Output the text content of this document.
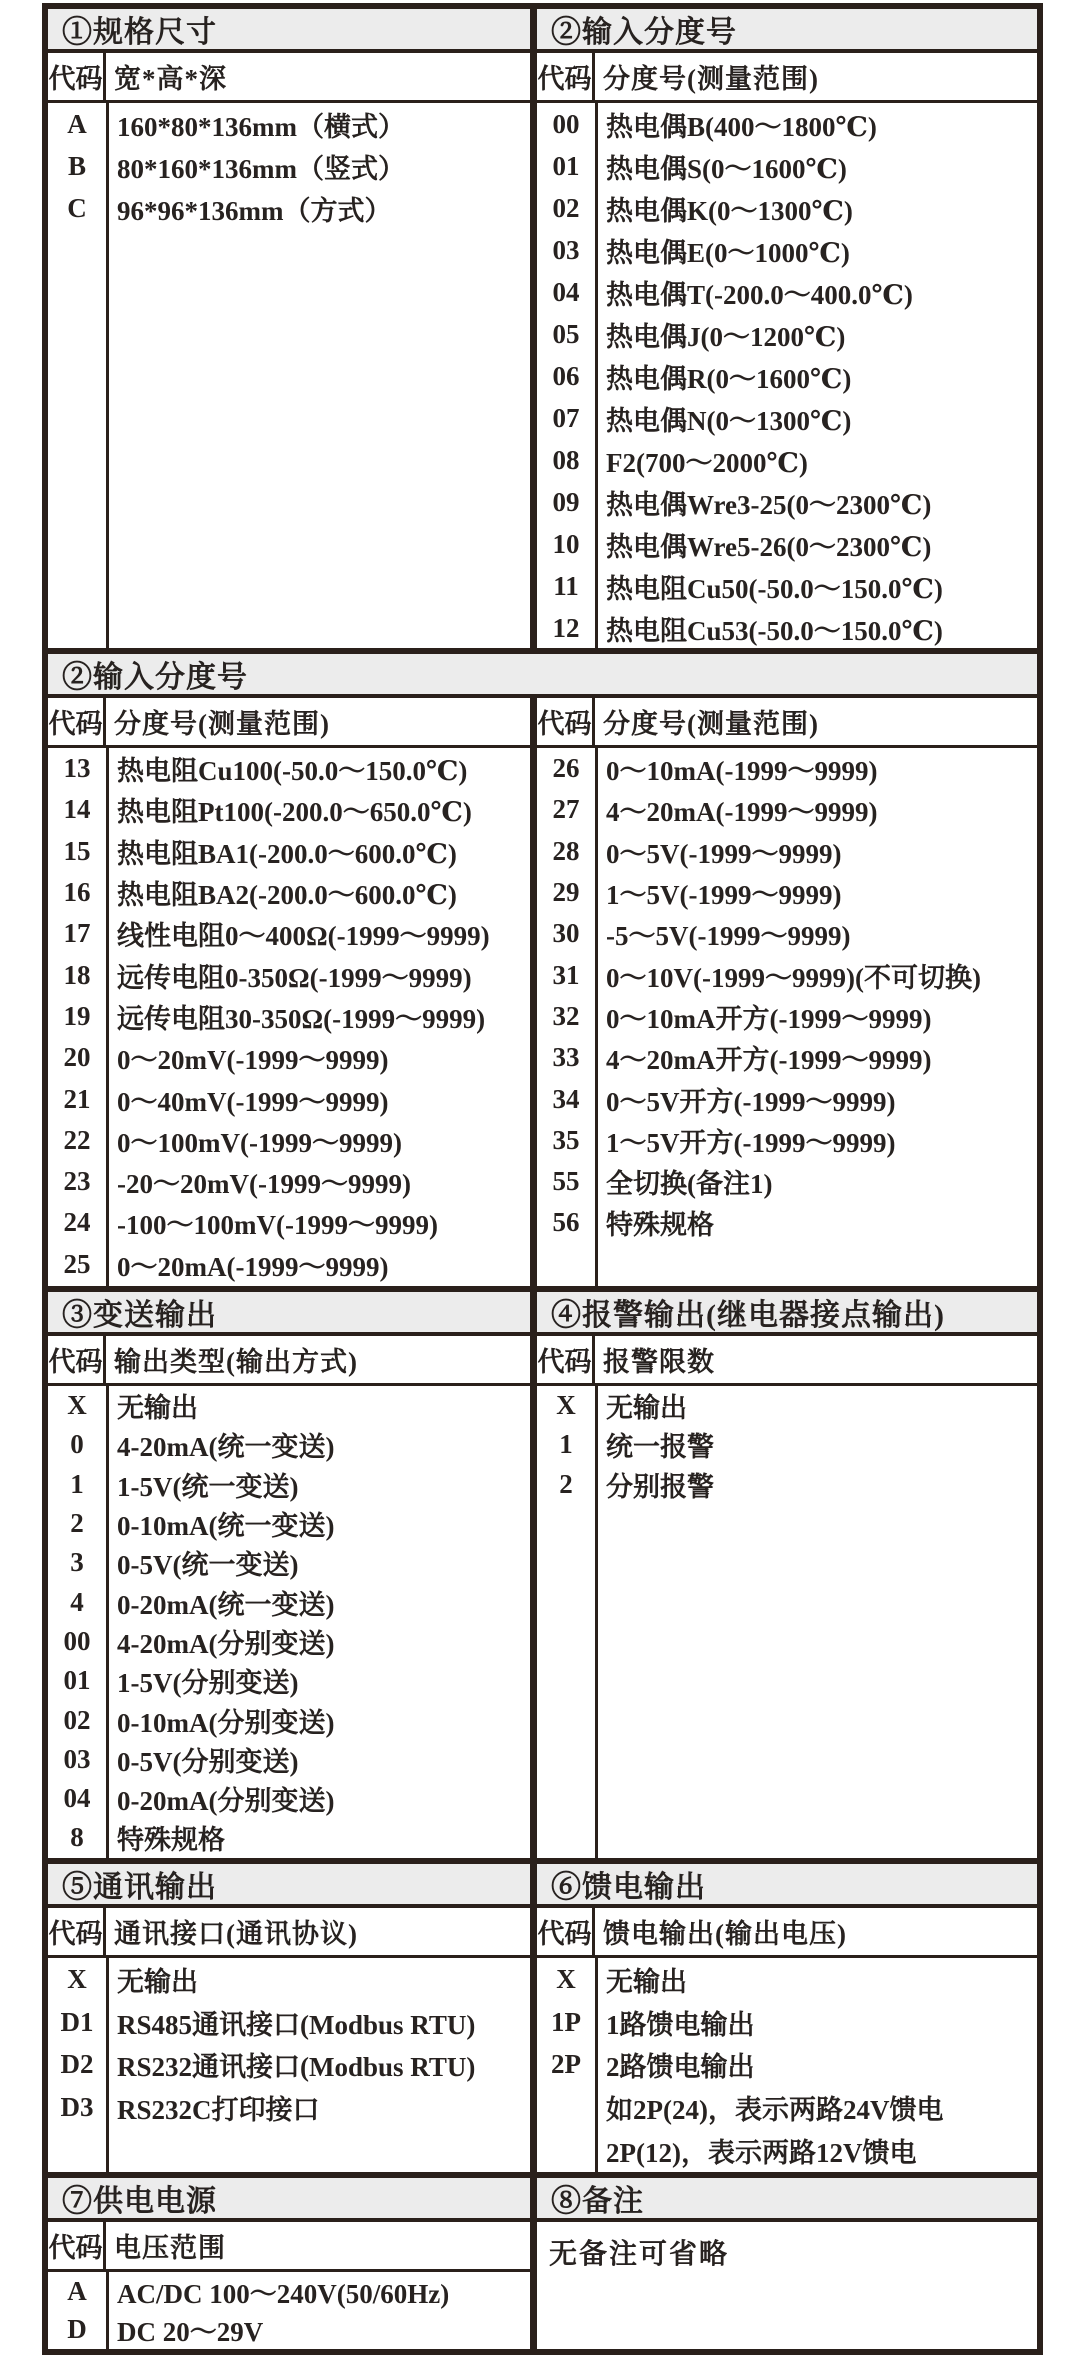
①规格尺寸
代码 宽*高*深
A	160*80*136mm（横式）
B	80*160*136mm（竖式）
C	96*96*136mm（方式）
②输入分度号
代码 分度号(测量范围)
00 热电偶B(400～1800℃)
01 热电偶S(0～1600℃)
02 热电偶K(0～1300℃)
03 热电偶E(0～1000℃)
04 热电偶T(-200.0～400.0℃)
05 热电偶J(0～1200℃)
06 热电偶R(0～1600℃)
07 热电偶N(0～1300℃)
08 F2(700～2000℃)
09 热电偶Wre3-25(0～2300℃)
10 热电偶Wre5-26(0～2300℃)
11	热电阻Cu50(-50.0～150.0℃)
12 热电阻Cu53(-50.0～150.0℃)
②输入分度号
代码 分度号(测量范围)
13 热电阻Cu100(-50.0～150.0℃)
14 热电阻Pt100(-200.0～650.0℃)
15 热电阻BA1(-200.0～600.0℃)
16 热电阻BA2(-200.0～600.0℃)
17 线性电阻0～400Ω(-1999～9999)
18 远传电阻0-350Ω(-1999～9999)
19 远传电阻30-350Ω(-1999～9999)
20 0～20mV(-1999～9999)
21 0～40mV(-1999～9999)
22 0～100mV(-1999～9999)
23 -20～20mV(-1999～9999)
24 -100～100mV(-1999～9999)
25 0～20mA(-1999～9999)
代码 分度号(测量范围)
26 0～10mA(-1999～9999)
27 4～20mA(-1999～9999)
28 0～5V(-1999～9999)
29 1～5V(-1999～9999)
30 -5～5V(-1999～9999)
31 0～10V(-1999～9999)(不可切换)
32 0～10mA开方(-1999～9999)
33 4～20mA开方(-1999～9999)
34 0～5V开方(-1999～9999)
35 1～5V开方(-1999～9999)
55 全切换(备注1)
56 特殊规格
③变送输出
代码 输出类型(输出方式)
X	无输出
0	4-20mA(统一变送)
1	1-5V(统一变送)
2	0-10mA(统一变送)
3	0-5V(统一变送)
4	0-20mA(统一变送)
00 4-20mA(分别变送)
01 1-5V(分别变送)
02 0-10mA(分别变送)
03 0-5V(分别变送)
04 0-20mA(分别变送)
8	特殊规格
④报警输出(继电器接点输出)
代码 报警限数
X	无输出
1	统一报警
2	分别报警
⑤通讯输出
代码 通讯接口(通讯协议)
X	无输出
D1 RS485通讯接口(Modbus RTU)
D2 RS232通讯接口(Modbus RTU)
D3 RS232C打印接口
⑥馈电输出
代码 馈电输出(输出电压)
X	无输出
1P 1路馈电输出
2P 2路馈电输出
如2P(24)，表示两路24V馈电
2P(12)，表示两路12V馈电
⑦供电电源
代码 电压范围
A	AC/DC 100～240V(50/60Hz)
D	DC 20～29V
⑧备注
无备注可省略
